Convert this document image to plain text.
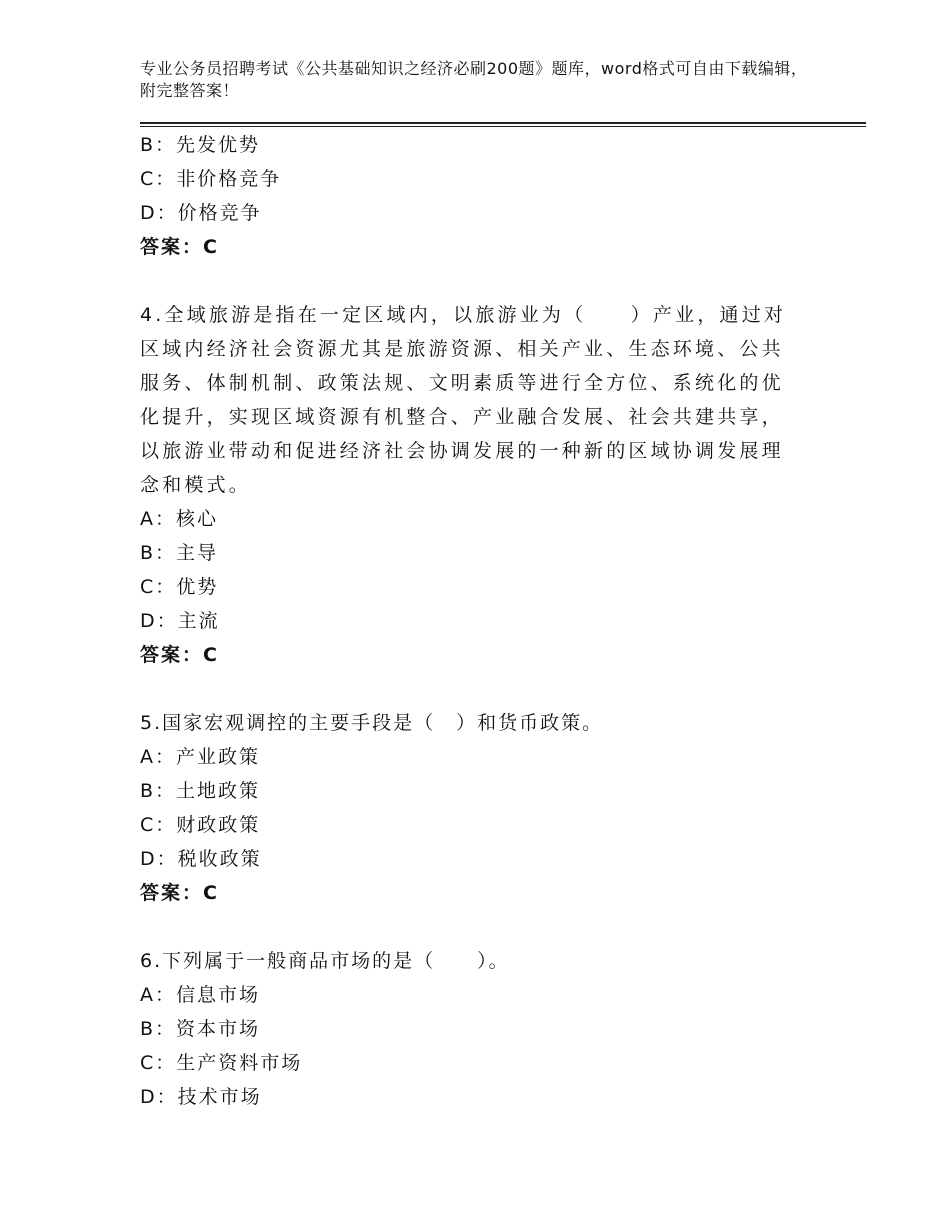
专业公务员招聘考试《公共基础知识之经济必刷200题》题库，word格式可自由下载编辑，附完整答案！
B：先发优势
C：非价格竞争
D：价格竞争
答案：C
4.全域旅游是指在一定区域内，以旅游业为（　　）产业，通过对区域内经济社会资源尤其是旅游资源、相关产业、生态环境、公共服务、体制机制、政策法规、文明素质等进行全方位、系统化的优化提升，实现区域资源有机整合、产业融合发展、社会共建共享，以旅游业带动和促进经济社会协调发展的一种新的区域协调发展理念和模式。
A：核心
B：主导
C：优势
D：主流
答案：C
5.国家宏观调控的主要手段是（　）和货币政策。
A：产业政策
B：土地政策
C：财政政策
D：税收政策
答案：C
6.下列属于一般商品市场的是（　　）。
A：信息市场
B：资本市场
C：生产资料市场
D：技术市场
